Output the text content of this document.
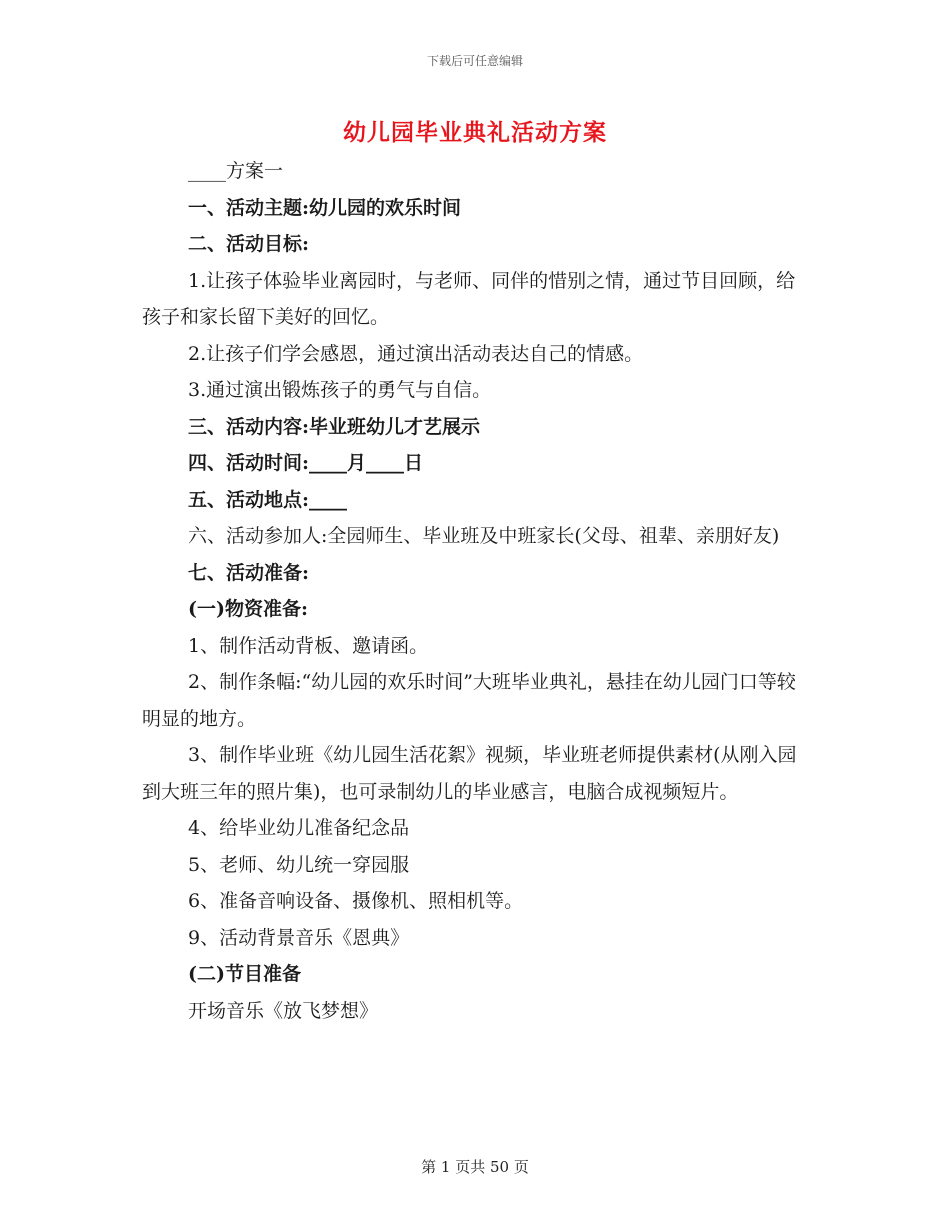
下载后可任意编辑
幼儿园毕业典礼活动方案

____方案一

一、活动主题:幼儿园的欢乐时间

二、活动目标:

1.让孩子体验毕业离园时，与老师、同伴的惜别之情，通过节目回顾，给孩子和家长留下美好的回忆。

2.让孩子们学会感恩，通过演出活动表达自己的情感。

3.通过演出锻炼孩子的勇气与自信。

三、活动内容:毕业班幼儿才艺展示

四、活动时间:____月____日

五、活动地点:____

六、活动参加人:全园师生、毕业班及中班家长(父母、祖辈、亲朋好友)

七、活动准备:

(一)物资准备:

1、制作活动背板、邀请函。

2、制作条幅:“幼儿园的欢乐时间”大班毕业典礼，悬挂在幼儿园门口等较明显的地方。

3、制作毕业班《幼儿园生活花絮》视频，毕业班老师提供素材(从刚入园到大班三年的照片集)，也可录制幼儿的毕业感言，电脑合成视频短片。

4、给毕业幼儿准备纪念品

5、老师、幼儿统一穿园服

6、准备音响设备、摄像机、照相机等。

9、活动背景音乐《恩典》

(二)节目准备

开场音乐《放飞梦想》

第 1 页共 50 页
